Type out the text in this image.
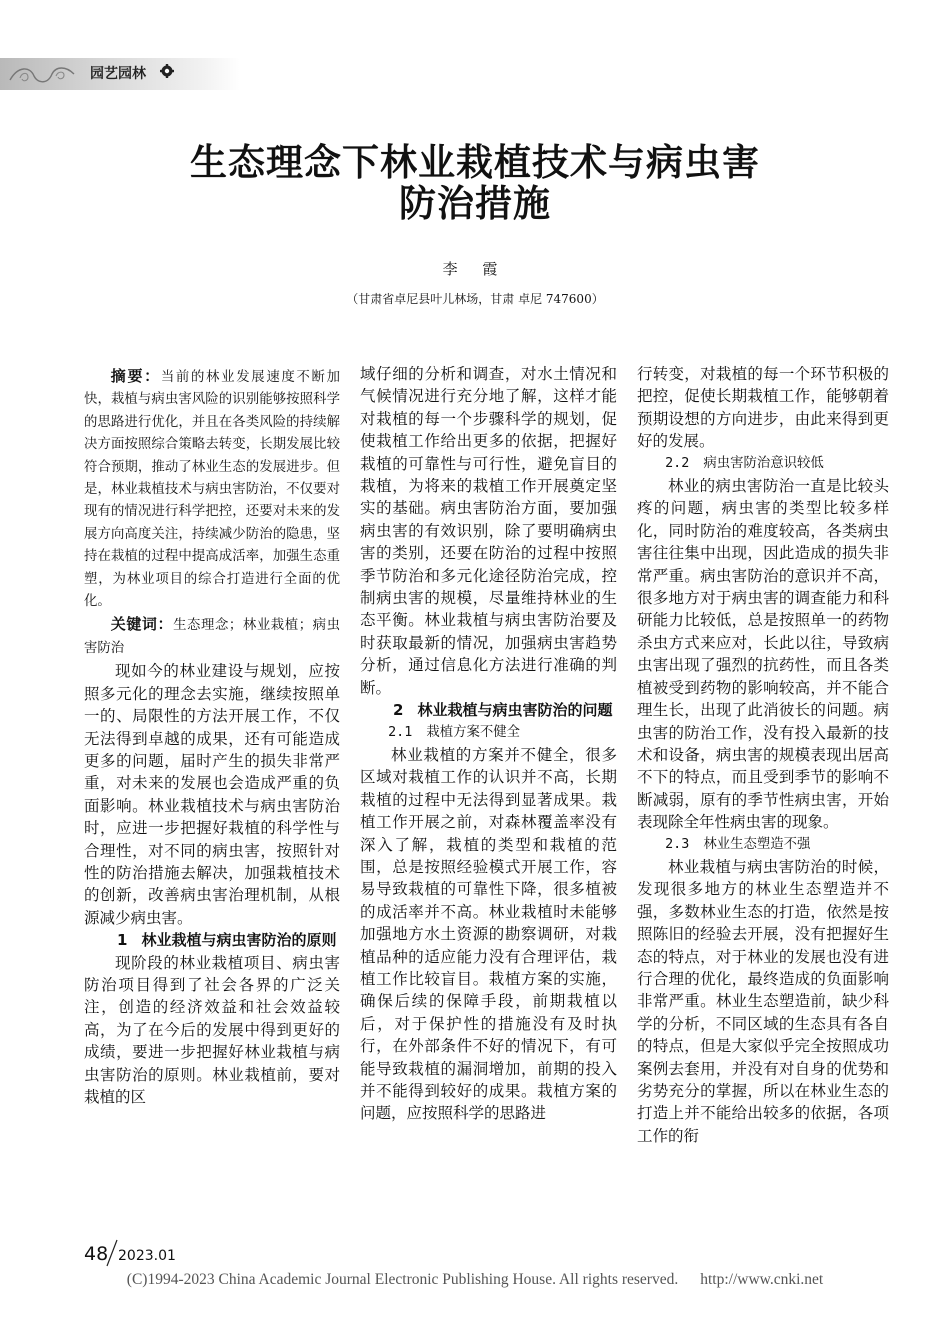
园艺园林
生态理念下林业栽植技术与病虫害
防治措施
李 霞
（甘肃省卓尼县叶儿林场，甘肃 卓尼 747600）

摘要：当前的林业发展速度不断加快，栽植与病虫害风险的识别能够按照科学的思路进行优化，并且在各类风险的持续解决方面按照综合策略去转变，长期发展比较符合预期，推动了林业生态的发展进步。但是，林业栽植技术与病虫害防治，不仅要对现有的情况进行科学把控，还要对未来的发展方向高度关注，持续减少防治的隐患，坚持在栽植的过程中提高成活率，加强生态重塑，为林业项目的综合打造进行全面的优化。

关键词：生态理念；林业栽植；病虫害防治

现如今的林业建设与规划，应按照多元化的理念去实施，继续按照单一的、局限性的方法开展工作，不仅无法得到卓越的成果，还有可能造成更多的问题，届时产生的损失非常严重，对未来的发展也会造成严重的负面影响。林业栽植技术与病虫害防治时，应进一步把握好栽植的科学性与合理性，对不同的病虫害，按照针对性的防治措施去解决，加强栽植技术的创新，改善病虫害治理机制，从根源减少病虫害。

1 林业栽植与病虫害防治的原则

现阶段的林业栽植项目、病虫害防治项目得到了社会各界的广泛关注，创造的经济效益和社会效益较高，为了在今后的发展中得到更好的成绩，要进一步把握好林业栽植与病虫害防治的原则。林业栽植前，要对栽植的区

域仔细的分析和调查，对水土情况和气候情况进行充分地了解，这样才能对栽植的每一个步骤科学的规划，促使栽植工作给出更多的依据，把握好栽植的可靠性与可行性，避免盲目的栽植，为将来的栽植工作开展奠定坚实的基础。病虫害防治方面，要加强病虫害的有效识别，除了要明确病虫害的类别，还要在防治的过程中按照季节防治和多元化途径防治完成，控制病虫害的规模，尽量维持林业的生态平衡。林业栽植与病虫害防治要及时获取最新的情况，加强病虫害趋势分析，通过信息化方法进行准确的判断。

2 林业栽植与病虫害防治的问题
2.1 栽植方案不健全

林业栽植的方案并不健全，很多区域对栽植工作的认识并不高，长期栽植的过程中无法得到显著成果。栽植工作开展之前，对森林覆盖率没有深入了解，栽植的类型和栽植的范围，总是按照经验模式开展工作，容易导致栽植的可靠性下降，很多植被的成活率并不高。林业栽植时未能够加强地方水土资源的勘察调研，对栽植品种的适应能力没有合理评估，栽植工作比较盲目。栽植方案的实施，确保后续的保障手段，前期栽植以后，对于保护性的措施没有及时执行，在外部条件不好的情况下，有可能导致栽植的漏洞增加，前期的投入并不能得到较好的成果。栽植方案的问题，应按照科学的思路进

行转变，对栽植的每一个环节积极的把控，促使长期栽植工作，能够朝着预期设想的方向进步，由此来得到更好的发展。

2.2 病虫害防治意识较低

林业的病虫害防治一直是比较头疼的问题，病虫害的类型比较多样化，同时防治的难度较高，各类病虫害往往集中出现，因此造成的损失非常严重。病虫害防治的意识并不高，很多地方对于病虫害的调查能力和科研能力比较低，总是按照单一的药物杀虫方式来应对，长此以往，导致病虫害出现了强烈的抗药性，而且各类植被受到药物的影响较高，并不能合理生长，出现了此消彼长的问题。病虫害的防治工作，没有投入最新的技术和设备，病虫害的规模表现出居高不下的特点，而且受到季节的影响不断减弱，原有的季节性病虫害，开始表现除全年性病虫害的现象。

2.3 林业生态塑造不强

林业栽植与病虫害防治的时候，发现很多地方的林业生态塑造并不强，多数林业生态的打造，依然是按照陈旧的经验去开展，没有把握好生态的特点，对于林业的发展也没有进行合理的优化，最终造成的负面影响非常严重。林业生态塑造前，缺少科学的分析，不同区域的生态具有各自的特点，但是大家似乎完全按照成功案例去套用，并没有对自身的优势和劣势充分的掌握，所以在林业生态的打造上并不能给出较多的依据，各项工作的衔

48 2023.01
(C)1994-2023 China Academic Journal Electronic Publishing House. All rights reserved. http://www.cnki.net
